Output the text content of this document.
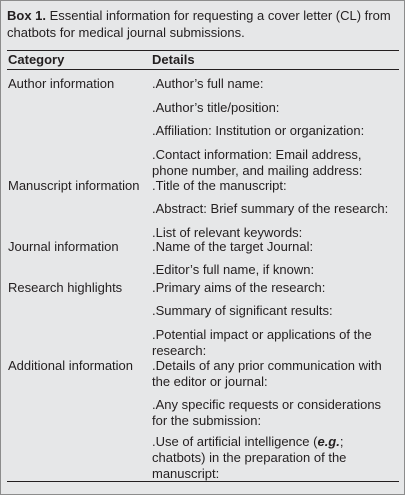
Box 1. Essential information for requesting a cover letter (CL) from chatbots for medical journal submissions.
Category	Details
Author information	.Author’s full name:
.Author’s title/position:
.Affiliation: Institution or organization:
.Contact information: Email address, phone number, and mailing address:
Manuscript information .Title of the manuscript:
.Abstract: Brief summary of the research:
.List of relevant keywords:
Journal information	.Name of the target Journal:
.Editor’s full name, if known:
Research highlights .Primary aims of the research:
.Summary of significant results:
.Potential impact or applications of the research:
Additional information .Details of any prior communication with the editor or journal:
.Any specific requests or considerations for the submission:
.Use of artificial intelligence (e.g.; chatbots) in the preparation of the manuscript:
